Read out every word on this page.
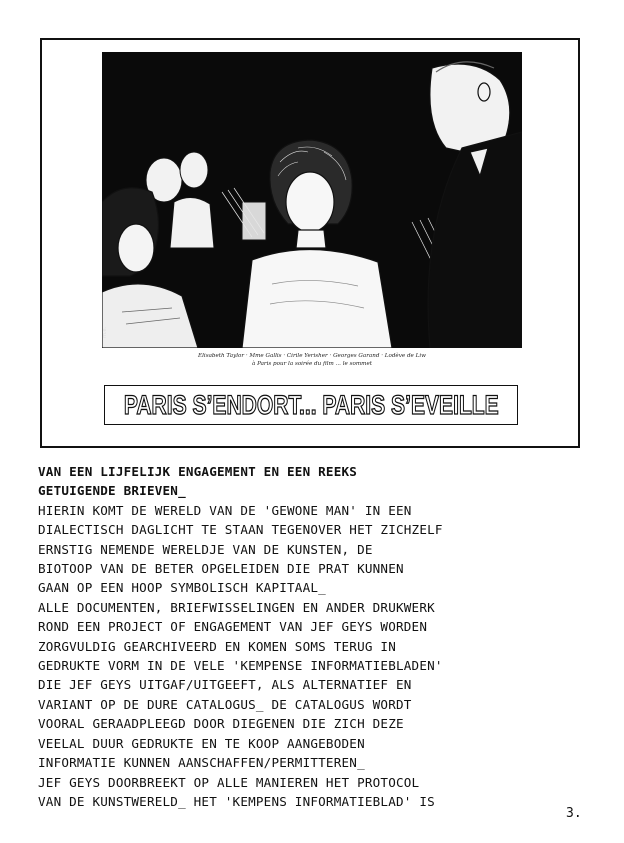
m.e.
Elisabeth Taylor · Mme Gallis · Cirile Yerisher · Georges Garand · Lodève de Liw
à Paris pour la soirée du film ... le sommet
PARIS S’ENDORT... PARIS S’EVEILLE
VAN EEN LIJFELIJK ENGAGEMENT EN EEN REEKS
GETUIGENDE BRIEVEN_
HIERIN KOMT DE WERELD VAN DE 'GEWONE MAN' IN EEN
DIALECTISCH DAGLICHT TE STAAN TEGENOVER HET ZICHZELF
ERNSTIG NEMENDE WERELDJE VAN DE KUNSTEN, DE
BIOTOOP VAN DE BETER OPGELEIDEN DIE PRAT KUNNEN
GAAN OP EEN HOOP SYMBOLISCH KAPITAAL_
ALLE DOCUMENTEN, BRIEFWISSELINGEN EN ANDER DRUKWERK
ROND EEN PROJECT OF ENGAGEMENT VAN JEF GEYS WORDEN
ZORGVULDIG GEARCHIVEERD EN KOMEN SOMS TERUG IN
GEDRUKTE VORM IN DE VELE 'KEMPENSE INFORMATIEBLADEN'
DIE JEF GEYS UITGAF/UITGEEFT, ALS ALTERNATIEF EN
VARIANT OP DE DURE CATALOGUS_ DE CATALOGUS WORDT
VOORAL GERAADPLEEGD DOOR DIEGENEN DIE ZICH DEZE
VEELAL DUUR GEDRUKTE EN TE KOOP AANGEBODEN
INFORMATIE KUNNEN AANSCHAFFEN/PERMITTEREN_
JEF GEYS DOORBREEKT OP ALLE MANIEREN HET PROTOCOL
VAN DE KUNSTWERELD_ HET 'KEMPENS INFORMATIEBLAD' IS
3.
